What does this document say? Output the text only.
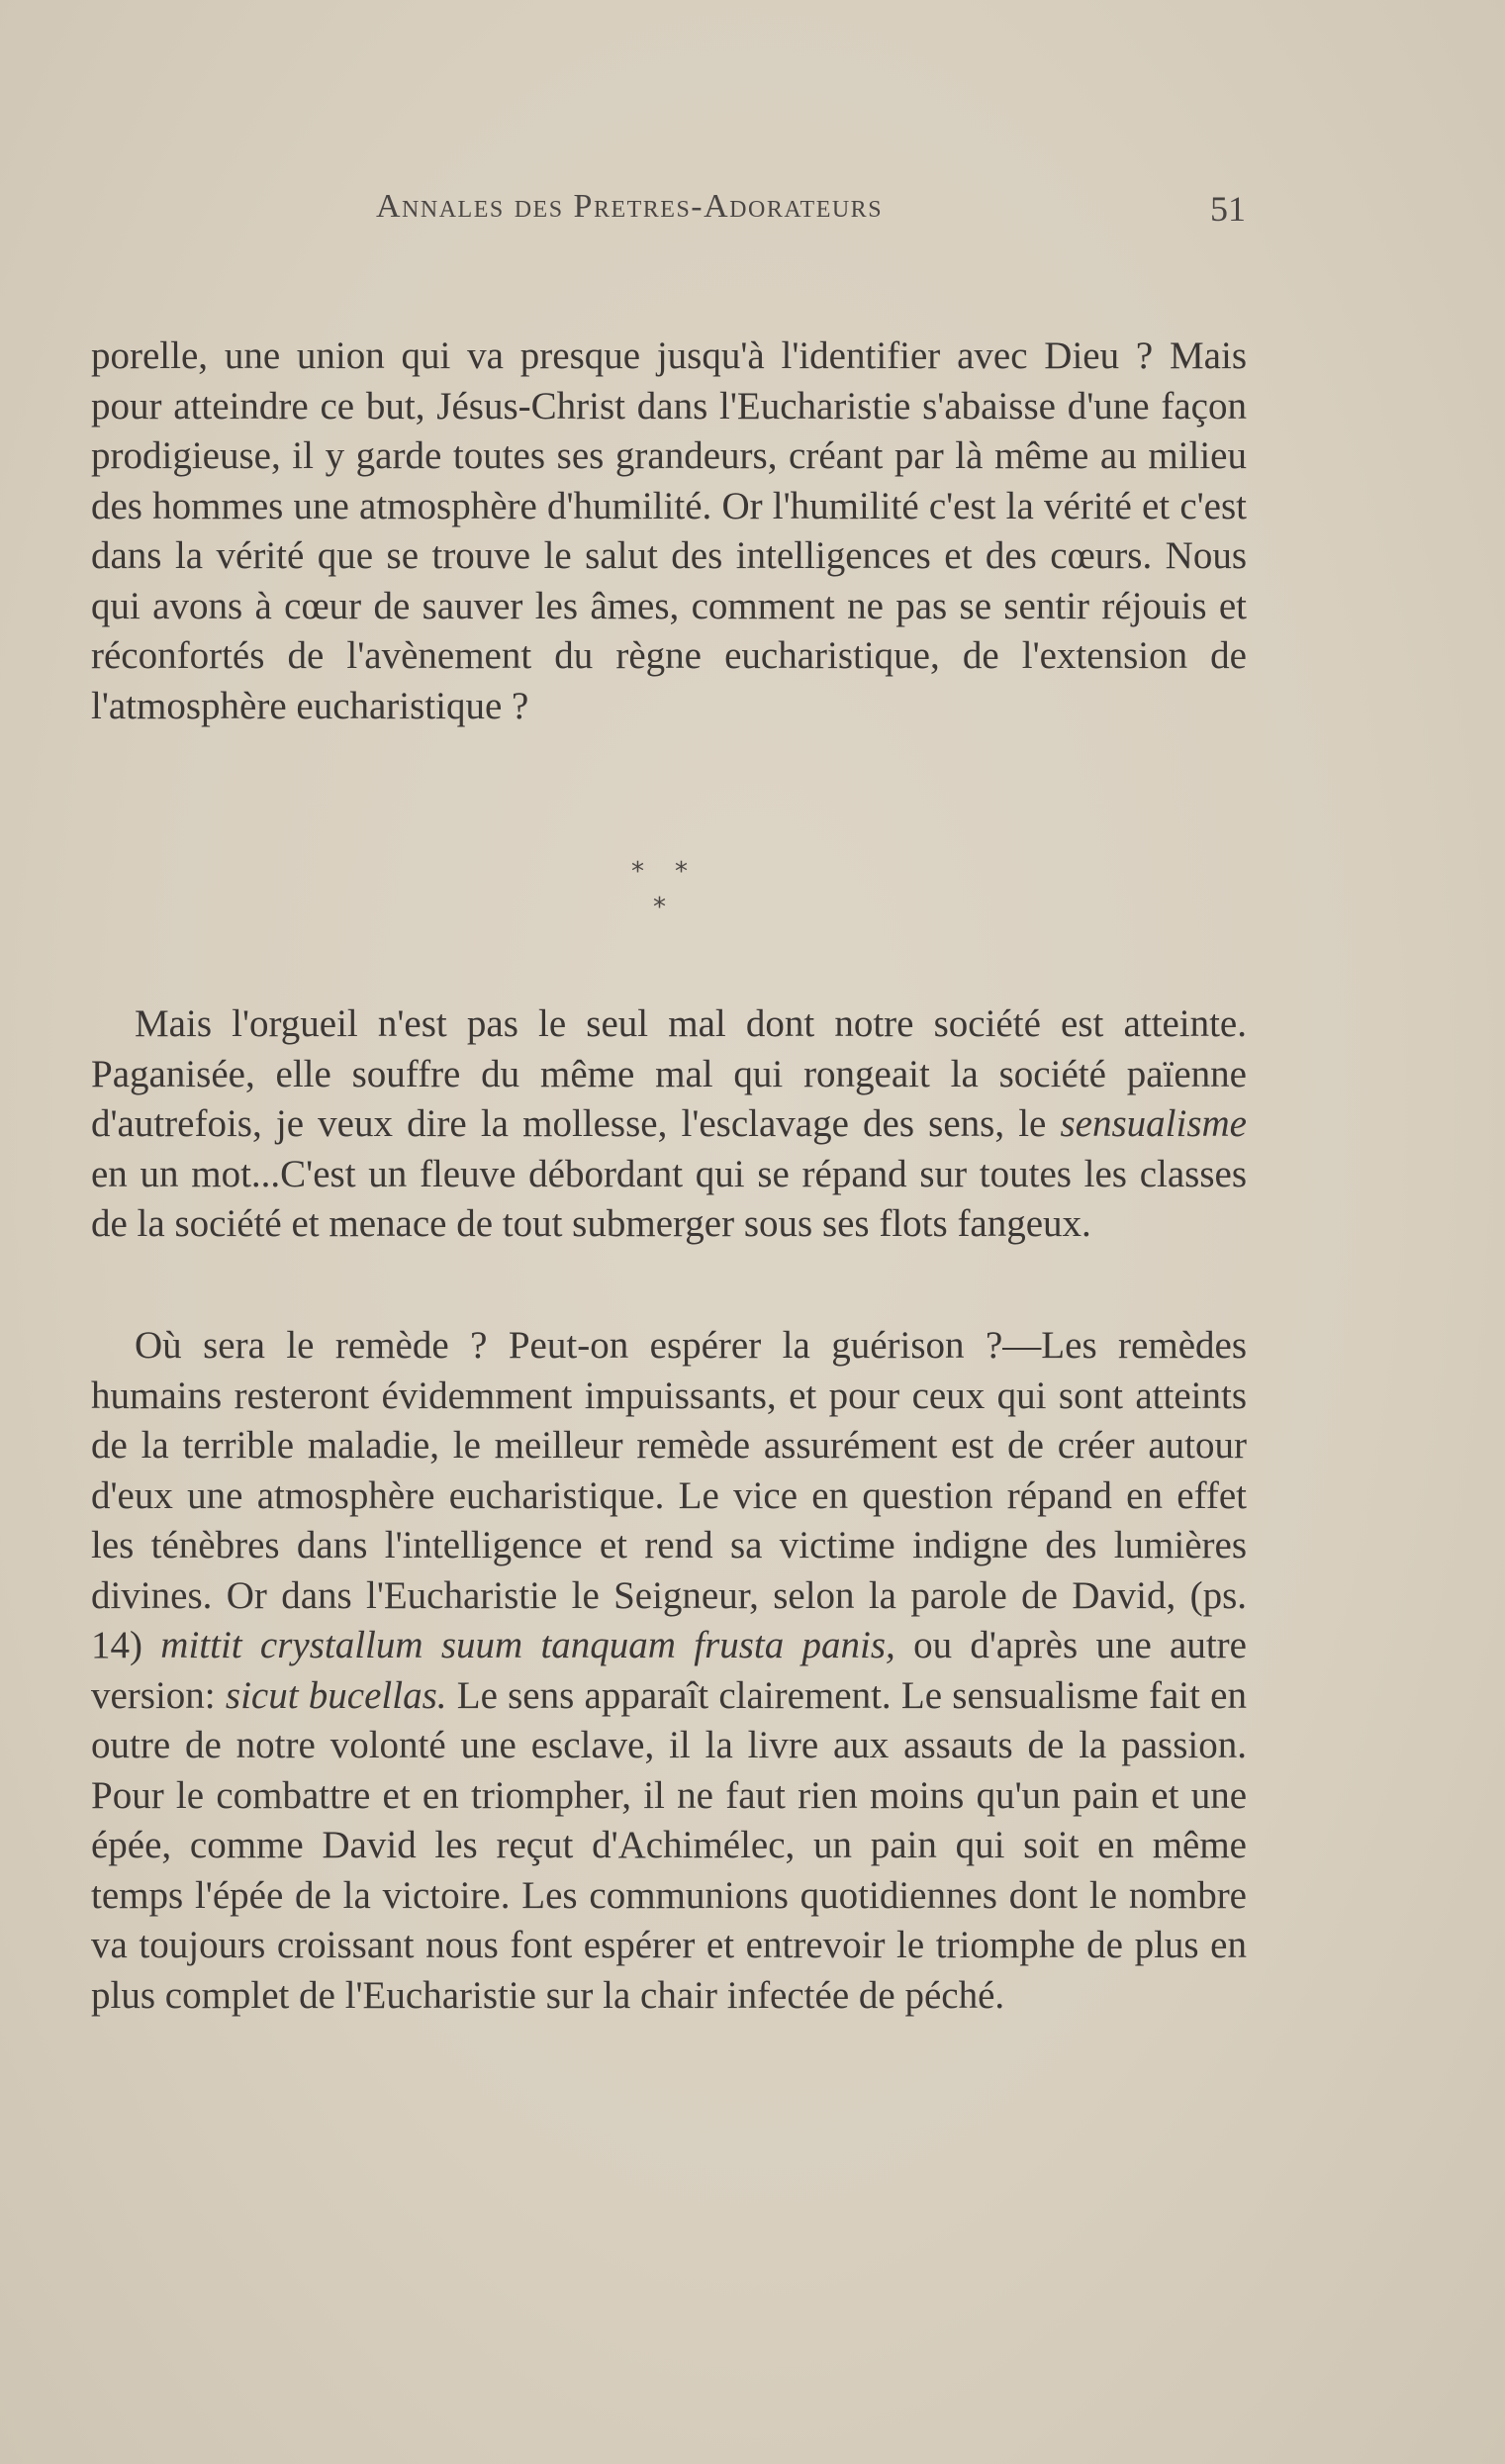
Annales des Pretres-Adorateurs	51

porelle, une union qui va presque jusqu'à l'identifier avec Dieu ? Mais pour atteindre ce but, Jésus-Christ dans l'Eucharistie s'abaisse d'une façon prodigieuse, il y garde toutes ses grandeurs, créant par là même au milieu des hommes une atmosphère d'humilité. Or l'humilité c'est la vérité et c'est dans la vérité que se trouve le salut des intelligences et des cœurs. Nous qui avons à cœur de sauver les âmes, comment ne pas se sentir réjouis et réconfortés de l'avènement du règne eucharistique, de l'extension de l'atmosphère eucharistique ?

* *
*

Mais l'orgueil n'est pas le seul mal dont notre société est atteinte. Paganisée, elle souffre du même mal qui rongeait la société païenne d'autrefois, je veux dire la mollesse, l'esclavage des sens, le sensualisme en un mot...C'est un fleuve débordant qui se répand sur toutes les classes de la société et menace de tout submerger sous ses flots fangeux.

Où sera le remède ? Peut-on espérer la guérison ?—Les remèdes humains resteront évidemment impuissants, et pour ceux qui sont atteints de la terrible maladie, le meilleur remède assurément est de créer autour d'eux une atmosphère eucharistique. Le vice en question répand en effet les ténèbres dans l'intelligence et rend sa victime indigne des lumières divines. Or dans l'Eucharistie le Seigneur, selon la parole de David, (ps. 14) mittit crystallum suum tanquam frusta panis, ou d'après une autre version: sicut bucellas. Le sens apparaît clairement. Le sensualisme fait en outre de notre volonté une esclave, il la livre aux assauts de la passion. Pour le combattre et en triompher, il ne faut rien moins qu'un pain et une épée, comme David les reçut d'Achimélec, un pain qui soit en même temps l'épée de la victoire. Les communions quotidiennes dont le nombre va toujours croissant nous font espérer et entrevoir le triomphe de plus en plus complet de l'Eucharistie sur la chair infectée de péché.
